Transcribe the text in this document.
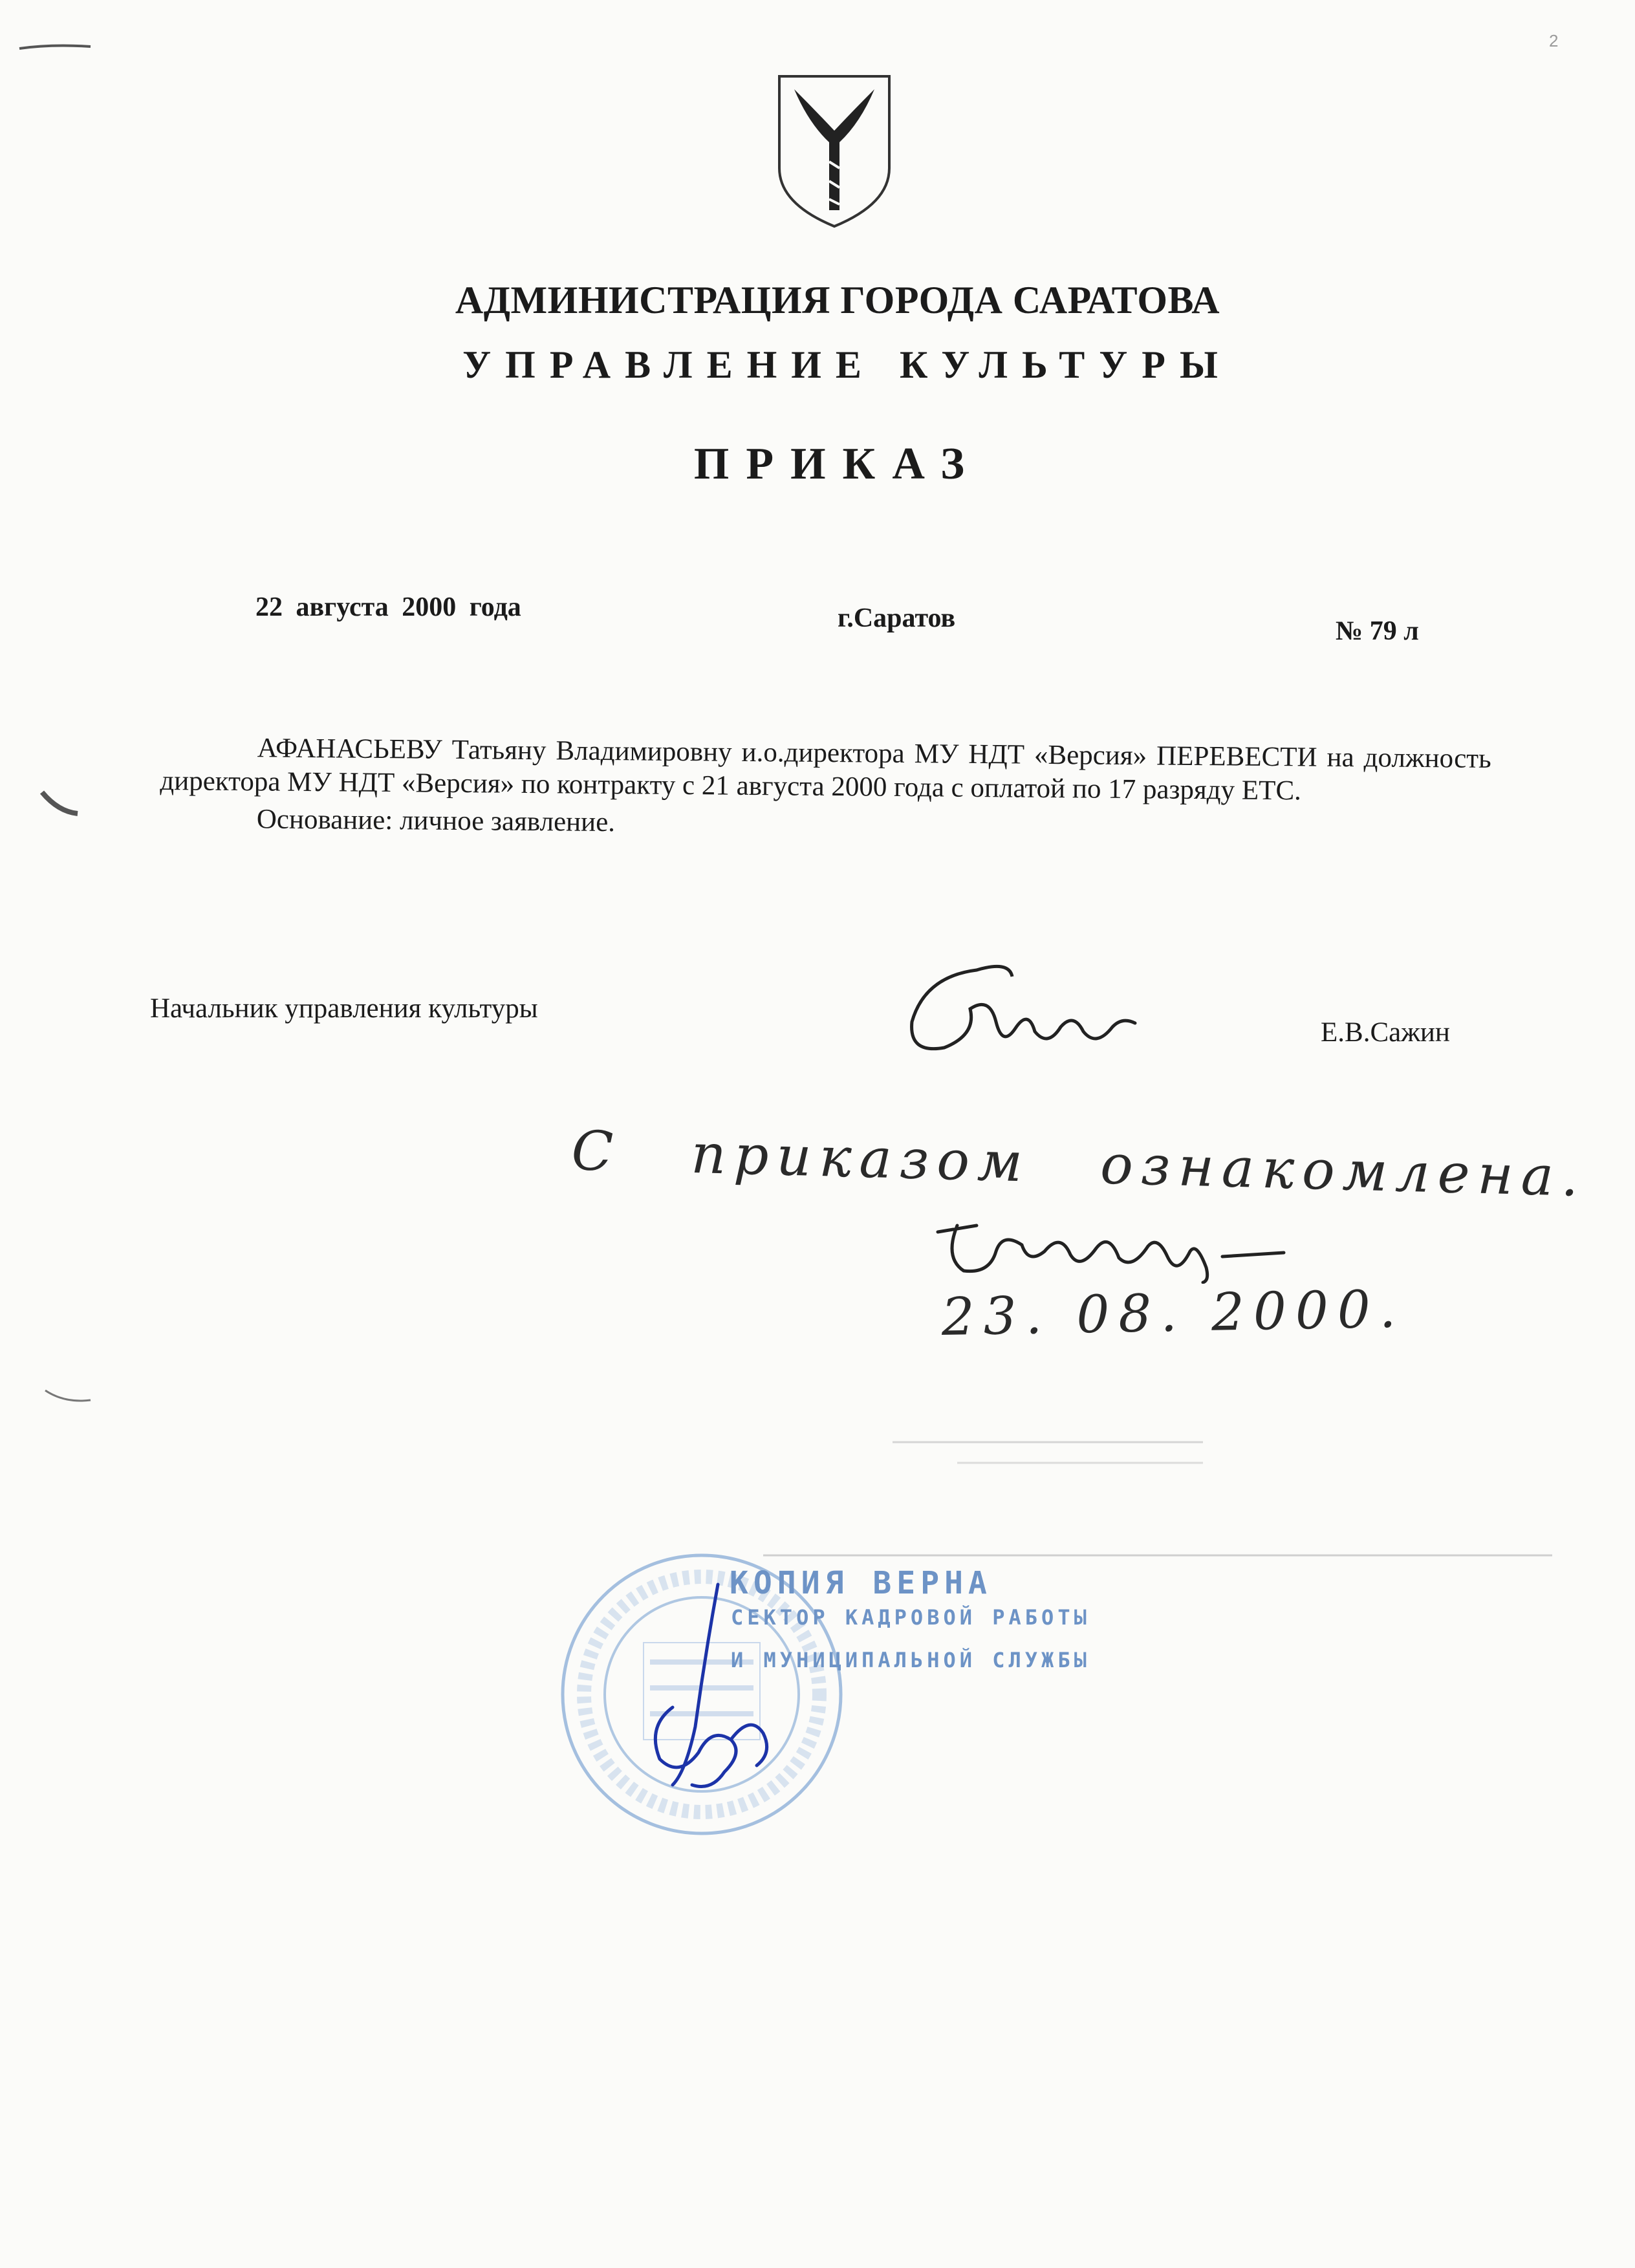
2
АДМИНИСТРАЦИЯ ГОРОДА САРАТОВА
УПРАВЛЕНИЕ КУЛЬТУРЫ
ПРИКАЗ
22 августа 2000 года	г.Саратов	№ 79 л

АФАНАСЬЕВУ Татьяну Владимировну и.о.директора МУ НДТ «Версия» ПЕРЕВЕСТИ на должность директора МУ НДТ «Версия» по контракту с 21 августа 2000 года с оплатой по 17 разряду ЕТС.

Основание: личное заявление.

Начальник управления культуры
Е.В.Сажин
С приказом ознакомлена.
23. 08. 2000.
КОПИЯ ВЕРНА
СЕКТОР КАДРОВОЙ РАБОТЫ
И МУНИЦИПАЛЬНОЙ СЛУЖБЫ
